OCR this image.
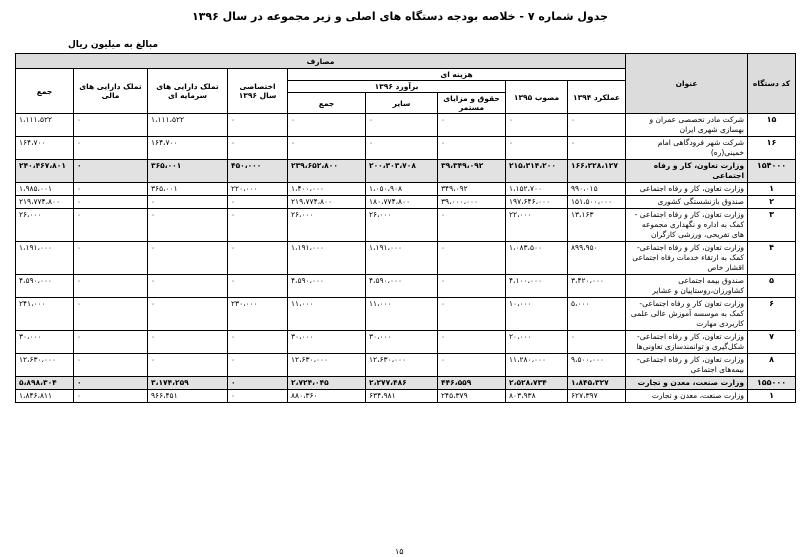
جدول شماره ۷ - خلاصه بودجه دستگاه های اصلی و زیر مجموعه در سال ۱۳۹۶
مبالغ به میلیون ریال
کد دستگاه	عنوان	مصارف								
		هزینه ای					اختصاصی سال ۱۳۹۶	تملک دارایی های سرمایه ای	تملک دارایی های مالی	جمع
		عملکرد ۱۳۹۴	مصوب ۱۳۹۵	برآورد ۱۳۹۶						
				حقوق و مزایای مستمر	سایر	جمع				
۱۵	شرکت مادر تخصصی عمران و بهسازی شهری ایران	۰	۰	۰	۰	۰	۰	۱،۱۱۱،۵۲۲	۰	۱،۱۱۱،۵۲۲
۱۶	شرکت شهر فرودگاهی امام خمینی(ره)	۰	۰	۰	۰	۰	۰	۱۶۴،۷۰۰	۰	۱۶۴،۷۰۰
۱۵۴۰۰۰	وزارت تعاون، کار و رفاه اجتماعی	۱۶۶،۲۲۸،۱۲۷	۲۱۵،۳۱۴،۲۰۰	۳۹،۳۴۹،۰۹۲	۲۰۰،۳۰۳،۷۰۸	۲۳۹،۶۵۲،۸۰۰	۴۵۰،۰۰۰	۳۶۵،۰۰۱	۰	۲۴۰،۴۶۷،۸۰۱
۱	وزارت تعاون، کار و رفاه اجتماعی	۹۹۰،۰۱۵	۱،۱۵۲،۷۰۰	۳۴۹،۰۹۲	۱،۰۵۰،۹۰۸	۱،۴۰۰،۰۰۰	۲۲۰،۰۰۰	۳۶۵،۰۰۱	۰	۱،۹۸۵،۰۰۱
۲	صندوق بازنشستگی کشوری	۱۵۱،۵۰۰،۰۰۰	۱۹۷،۶۴۶،۰۰۰	۳۹،۰۰۰،۰۰۰	۱۸۰،۷۷۴،۸۰۰	۲۱۹،۷۷۴،۸۰۰	۰	۰	۰	۲۱۹،۷۷۴،۸۰۰
۳	وزارت تعاون، کار و رفاه اجتماعی - کمک به اداره و نگهداری مجموعه های تفریحی، ورزشی کارگران	۱۳،۱۶۳	۲۲،۰۰۰	۰	۲۶،۰۰۰	۲۶،۰۰۰	۰	۰	۰	۲۶،۰۰۰
۴	وزارت تعاون، کار و رفاه اجتماعی-کمک به ارتقاء خدمات رفاه اجتماعی اقشار خاص	۸۹۹،۹۵۰	۱،۰۸۳،۵۰۰	۰	۱،۱۹۱،۰۰۰	۱،۱۹۱،۰۰۰	۰	۰	۰	۱،۱۹۱،۰۰۰
۵	صندوق بیمه اجتماعی کشاورزان،روستاییان و عشایر	۳،۴۲۰،۰۰۰	۴،۱۰۰،۰۰۰	۰	۴،۵۹۰،۰۰۰	۴،۵۹۰،۰۰۰	۰	۰	۰	۴،۵۹۰،۰۰۰
۶	وزارت تعاون کار و رفاه اجتماعی-کمک به موسسه آموزش عالی علمی کاربردی مهارت	۵،۰۰۰	۱۰،۰۰۰	۰	۱۱،۰۰۰	۱۱،۰۰۰	۲۳۰،۰۰۰	۰	۰	۲۴۱،۰۰۰
۷	وزارت تعاون، کار و رفاه اجتماعی- شکل‌گیری و توانمندسازی تعاونی‌ها	۰	۲۰،۰۰۰	۰	۳۰،۰۰۰	۳۰،۰۰۰	۰	۰	۰	۳۰،۰۰۰
۸	وزارت تعاون، کار و رفاه اجتماعی- بیمه‌های اجتماعی	۹،۵۰۰،۰۰۰	۱۱،۲۸۰،۰۰۰	۰	۱۲،۶۳۰،۰۰۰	۱۲،۶۳۰،۰۰۰	۰	۰	۰	۱۲،۶۳۰،۰۰۰
۱۵۵۰۰۰	وزارت صنعت، معدن و تجارت	۱،۸۴۵،۳۲۷	۲،۵۲۸،۷۳۴	۴۴۶،۵۵۹	۲،۲۷۷،۴۸۶	۲،۷۲۴،۰۴۵	۰	۳،۱۷۴،۲۵۹	۰	۵،۸۹۸،۳۰۴
۱	وزارت صنعت، معدن و تجارت	۶۲۷،۳۹۷	۸۰۳،۹۳۸	۲۴۵،۳۷۹	۶۳۴،۹۸۱	۸۸۰،۳۶۰	۰	۹۶۶،۴۵۱	۰	۱،۸۴۶،۸۱۱
۱۵
